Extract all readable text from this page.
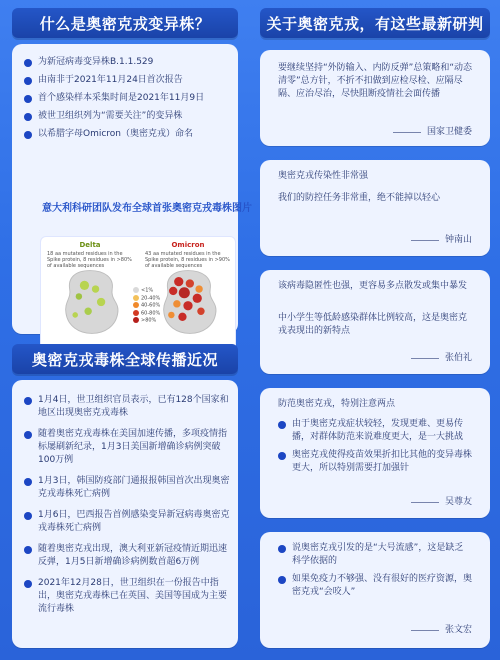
什么是奥密克戎变异株？
为新冠病毒变异株B.1.1.529
由南非于2021年11月24日首次报告
首个感染样本采集时间是2021年11月9日
被世卫组织列为“需要关注”的变异株
以希腊字母Omicron（奥密克戎）命名
意大利科研团队发布全球首张奥密克戎毒株图片
Delta
18 aa mutated residues in the Spike protein, 8 residues in >80% of available sequences
Omicron
43 aa mutated residues in the Spike protein, 8 residues in >90% of available sequences
<1%
20-40%
40-60%
60-80%
>80%
奥密克戎毒株全球传播近况
1月4日，世卫组织官员表示，已有128个国家和地区出现奥密克戎毒株
随着奥密克戎毒株在美国加速传播，多项疫情指标屡刷新纪录，1月3日美国新增确诊病例突破100万例
1月3日，韩国防疫部门通报报韩国首次出现奥密克戎毒株死亡病例
1月6日，巴西报告首例感染变异新冠病毒奥密克戎毒株死亡病例
随着奥密克戎出现，澳大利亚新冠疫情近期迅速反弹，1月5日新增确诊病例数首超6万例
2021年12月28日，世卫组织在一份报告中指出，奥密克戎毒株已在英国、美国等国成为主要流行毒株
关于奥密克戎，有这些最新研判
要继续坚持“外防输入、内防反弹”总策略和“动态清零”总方针，不折不扣做到应检尽检、应隔尽隔、应治尽治，尽快阻断疫情社会面传播
国家卫健委
奥密克戎传染性非常强
我们的防控任务非常重，绝不能掉以轻心
钟南山
该病毒隐匿性也强，更容易多点散发或集中暴发
中小学生等低龄感染群体比例较高，这是奥密克戎表现出的新特点
张伯礼
防范奥密克戎，特别注意两点
由于奥密克戎症状较轻，发现更难、更易传播，对群体防范来说难度更大，是一大挑战
奥密克戎使得疫苗效果折扣比其他的变异毒株更大，所以特别需要打加强针
吴尊友
说奥密克戎引发的是“大号流感”，这是缺乏科学依据的
如果免疫力不够强、没有很好的医疗资源，奥密克戎“会咬人”
张文宏
